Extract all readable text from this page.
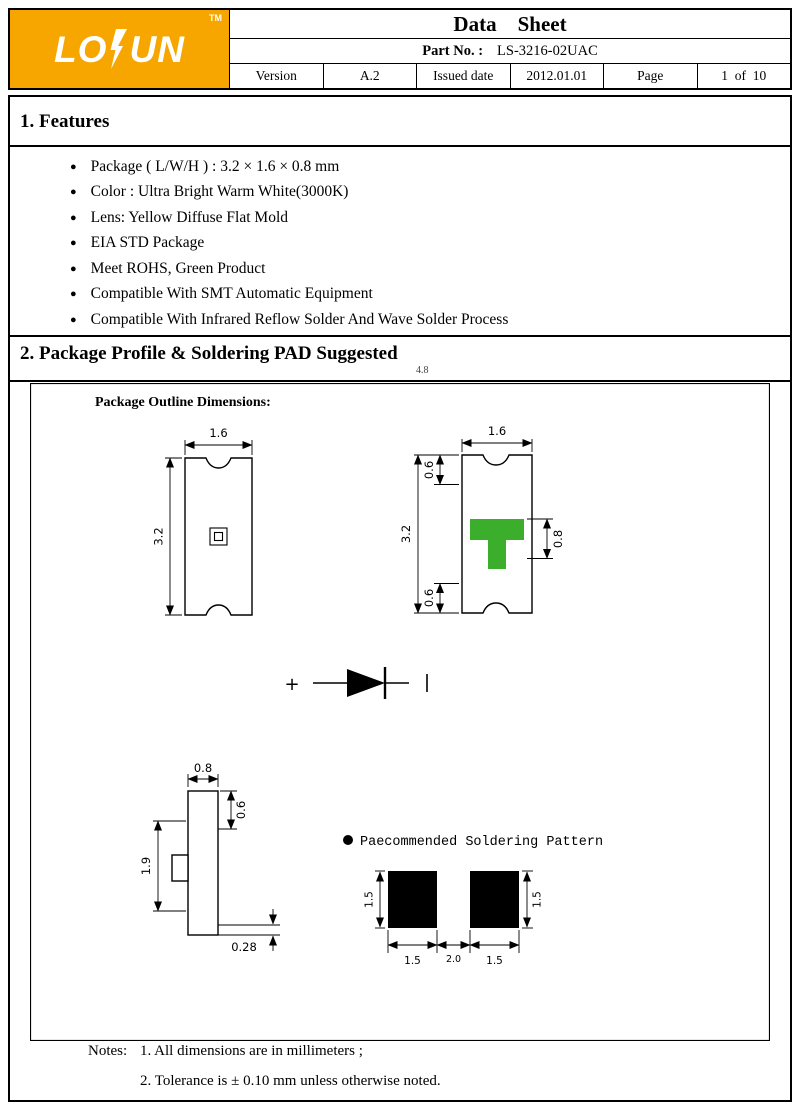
TM
LO UN
Data    Sheet
Part No. : LS-3216-02UAC
Version	A.2	Issued date	2012.01.01	Page	1  of  10
1. Features
● Package ( L/W/H ) : 3.2 × 1.6 × 0.8 mm
● Color : Ultra Bright Warm White(3000K)
● Lens: Yellow Diffuse Flat Mold
● EIA STD Package
● Meet ROHS, Green Product
● Compatible With SMT Automatic Equipment
● Compatible With Infrared Reflow Solder And Wave Solder Process
2. Package Profile & Soldering PAD Suggested
4.8
Package Outline Dimensions:
1.6
3.2
1.6
0.6
3.2
0.6
0.8
+
0.8
0.6
1.9
0.28
Paecommended Soldering Pattern
1.5	1.5
1.5	2.0 1.5
Notes: 1. All dimensions are in millimeters ;
2. Tolerance is ± 0.10 mm unless otherwise noted.
